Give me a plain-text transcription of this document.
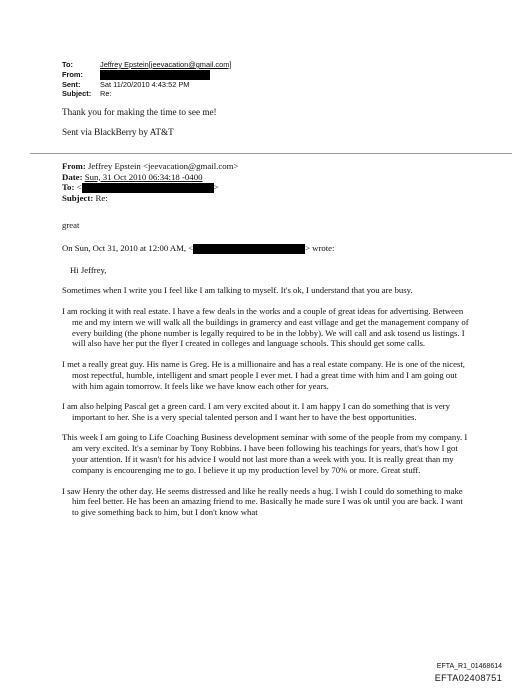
To:	Jeffrey Epstein[jeevacation@gmail.com]
From:
Sent:	Sat 11/20/2010 4:43:52 PM
Subject:	Re:

Thank you for making the time to see me!

Sent via BlackBerry by AT&T

From: Jeffrey Epstein <jeevacation@gmail.com>
Date: Sun, 31 Oct 2010 06:34:18 -0400
To: <	>
Subject: Re:

great

On Sun, Oct 31, 2010 at 12:00 AM, <	> wrote:

Hi Jeffrey,

Sometimes when I write you I feel like I am talking to myself. It's ok, I understand that you are busy.

I am rocking it with real estate. I have a few deals in the works and a couple of great ideas for advertising. Between me and my intern we will walk all the buildings in gramercy and east village and get the management company of every building (the phone number is legally required to be in the lobby). We will call and ask tosend us listings. I will also have her put the flyer I created in colleges and language schools. This should get some calls.

I met a really great guy. His name is Greg. He is a millionaire and has a real estate company. He is one of the nicest, most repectful, humble, intelligent and smart people I ever met. I had a great time with him and I am going out with him again tomorrow. It feels like we have know each other for years.

I am also helping Pascal get a green card. I am very excited about it. I am happy I can do something that is very important to her. She is a very special talented person and I want her to have the best opportunities.

This week I am going to Life Coaching Business development seminar with some of the people from my company. I am very excited. It's a seminar by Tony Robbins. I have been following his teachings for years, that's how I got your attention. If it wasn't for his advice I would not last more than a week with you. It is really great than my company is encourenging me to go. I believe it up my production level by 70% or more. Great stuff.

I saw Henry the other day. He seems distressed and like he really needs a hug. I wish I could do something to make him feel better. He has been an amazing friend to me. Basically he made sure I was ok until you are back. I want to give something back to him, but I don't know what

EFTA_R1_01468614
EFTA02408751
